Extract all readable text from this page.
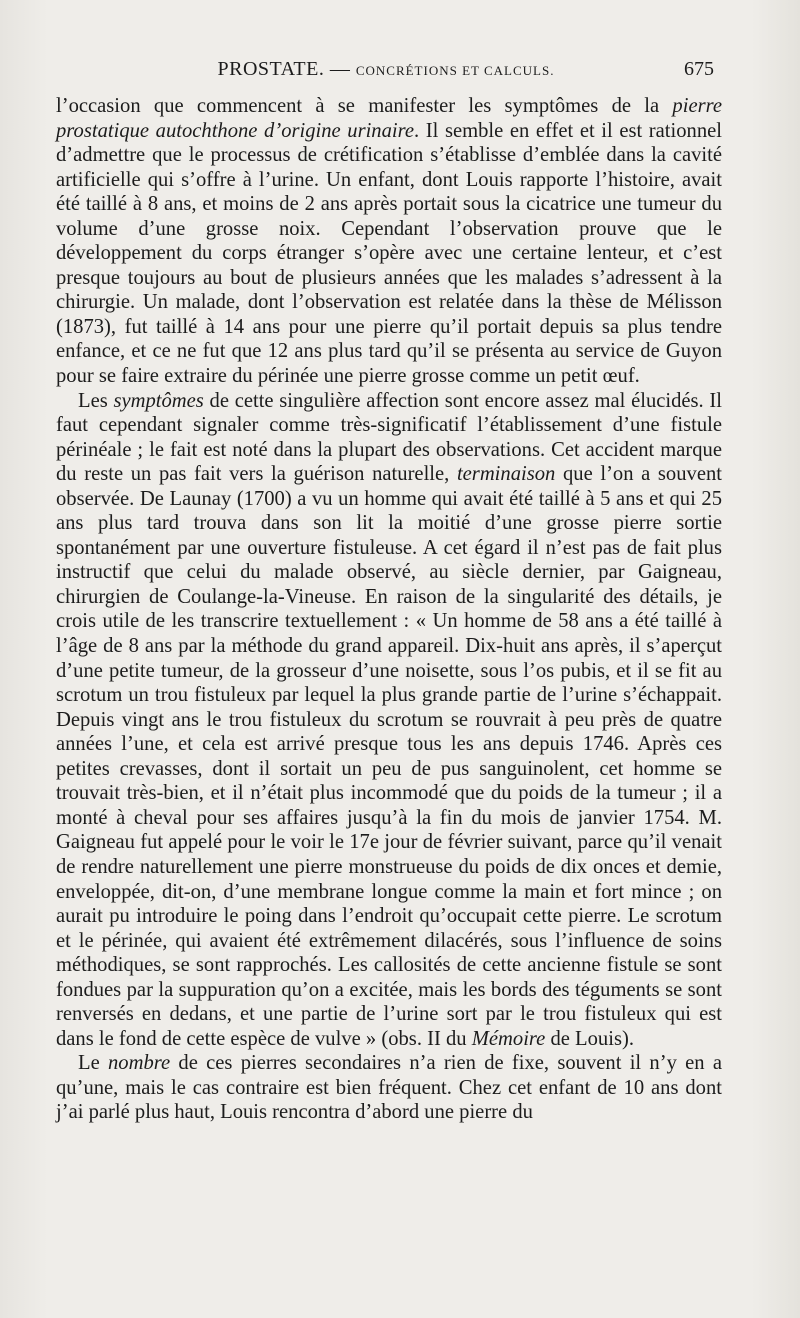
PROSTATE. — CONCRÉTIONS ET CALCULS.	675

l’occasion que commencent à se manifester les symptômes de la pierre prostatique autochthone d’origine urinaire. Il semble en effet et il est rationnel d’admettre que le processus de crétification s’établisse d’emblée dans la cavité artificielle qui s’offre à l’urine. Un enfant, dont Louis rapporte l’histoire, avait été taillé à 8 ans, et moins de 2 ans après portait sous la cicatrice une tumeur du volume d’une grosse noix. Cependant l’observation prouve que le développement du corps étranger s’opère avec une certaine lenteur, et c’est presque toujours au bout de plusieurs années que les malades s’adressent à la chirurgie. Un malade, dont l’observation est relatée dans la thèse de Mélisson (1873), fut taillé à 14 ans pour une pierre qu’il portait depuis sa plus tendre enfance, et ce ne fut que 12 ans plus tard qu’il se présenta au service de Guyon pour se faire extraire du périnée une pierre grosse comme un petit œuf.

Les symptômes de cette singulière affection sont encore assez mal élucidés. Il faut cependant signaler comme très-significatif l’établissement d’une fistule périnéale ; le fait est noté dans la plupart des observations. Cet accident marque du reste un pas fait vers la guérison naturelle, terminaison que l’on a souvent observée. De Launay (1700) a vu un homme qui avait été taillé à 5 ans et qui 25 ans plus tard trouva dans son lit la moitié d’une grosse pierre sortie spontanément par une ouverture fistuleuse. A cet égard il n’est pas de fait plus instructif que celui du malade observé, au siècle dernier, par Gaigneau, chirurgien de Coulange-la-Vineuse. En raison de la singularité des détails, je crois utile de les transcrire textuellement : « Un homme de 58 ans a été taillé à l’âge de 8 ans par la méthode du grand appareil. Dix-huit ans après, il s’aperçut d’une petite tumeur, de la grosseur d’une noisette, sous l’os pubis, et il se fit au scrotum un trou fistuleux par lequel la plus grande partie de l’urine s’échappait. Depuis vingt ans le trou fistuleux du scrotum se rouvrait à peu près de quatre années l’une, et cela est arrivé presque tous les ans depuis 1746. Après ces petites crevasses, dont il sortait un peu de pus sanguinolent, cet homme se trouvait très-bien, et il n’était plus incommodé que du poids de la tumeur ; il a monté à cheval pour ses affaires jusqu’à la fin du mois de janvier 1754. M. Gaigneau fut appelé pour le voir le 17e jour de février suivant, parce qu’il venait de rendre naturellement une pierre monstrueuse du poids de dix onces et demie, enveloppée, dit-on, d’une membrane longue comme la main et fort mince ; on aurait pu introduire le poing dans l’endroit qu’occupait cette pierre. Le scrotum et le périnée, qui avaient été extrêmement dilacérés, sous l’influence de soins méthodiques, se sont rapprochés. Les callosités de cette ancienne fistule se sont fondues par la suppuration qu’on a excitée, mais les bords des téguments se sont renversés en dedans, et une partie de l’urine sort par le trou fistuleux qui est dans le fond de cette espèce de vulve » (obs. II du Mémoire de Louis).

Le nombre de ces pierres secondaires n’a rien de fixe, souvent il n’y en a qu’une, mais le cas contraire est bien fréquent. Chez cet enfant de 10 ans dont j’ai parlé plus haut, Louis rencontra d’abord une pierre du
